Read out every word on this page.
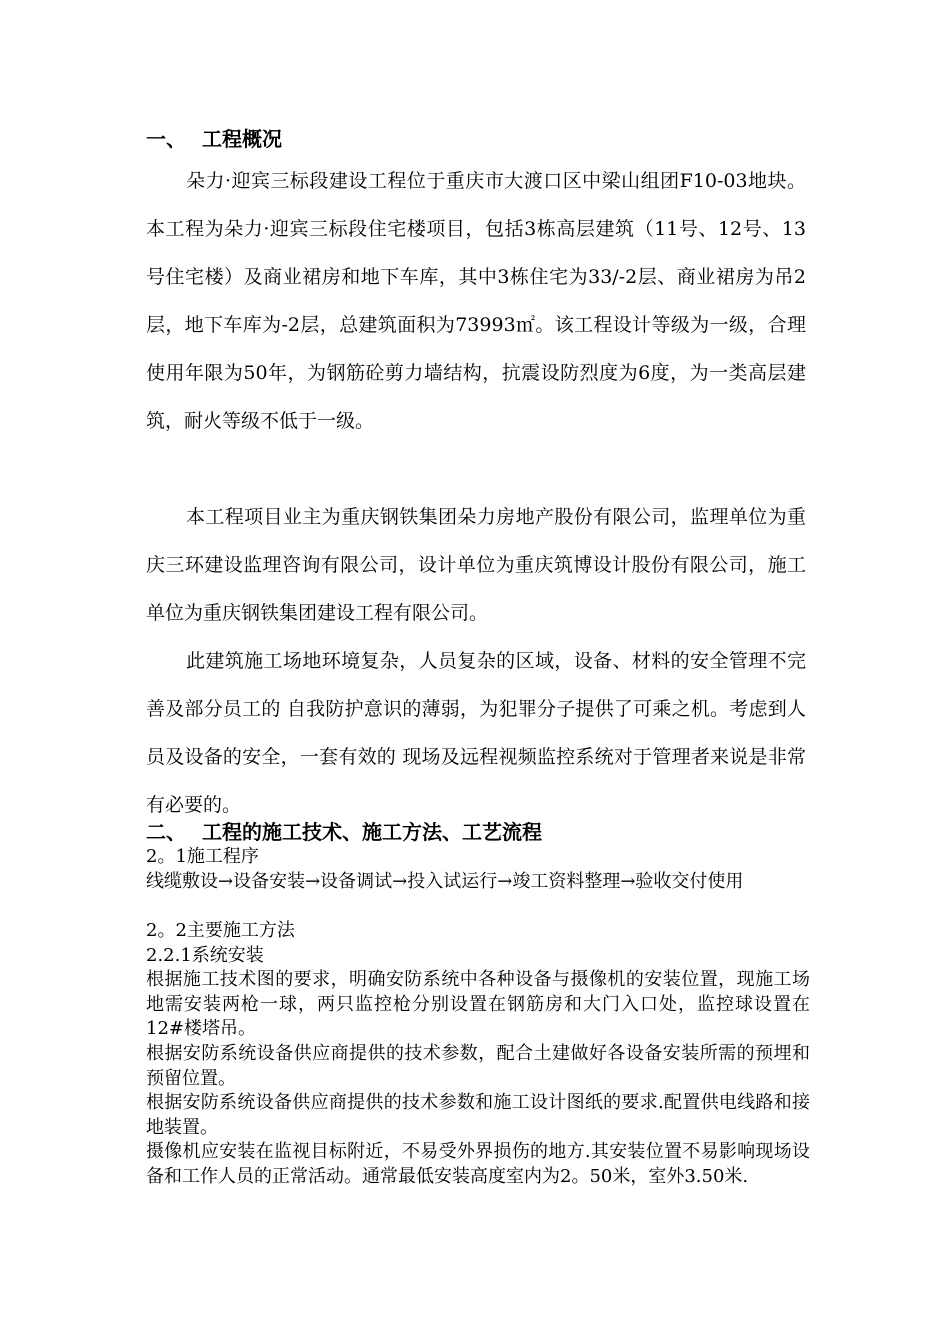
一、 工程概况

朵力·迎宾三标段建设工程位于重庆市大渡口区中梁山组团F10-03地块。本工程为朵力·迎宾三标段住宅楼项目，包括3栋高层建筑（11号、12号、13号住宅楼）及商业裙房和地下车库，其中3栋住宅为33/-2层、商业裙房为吊2层，地下车库为-2层，总建筑面积为73993㎡。该工程设计等级为一级，合理使用年限为50年，为钢筋砼剪力墙结构，抗震设防烈度为6度，为一类高层建筑，耐火等级不低于一级。

本工程项目业主为重庆钢铁集团朵力房地产股份有限公司，监理单位为重庆三环建设监理咨询有限公司，设计单位为重庆筑博设计股份有限公司，施工单位为重庆钢铁集团建设工程有限公司。

此建筑施工场地环境复杂，人员复杂的区域，设备、材料的安全管理不完善及部分员工的 自我防护意识的薄弱，为犯罪分子提供了可乘之机。考虑到人员及设备的安全，一套有效的 现场及远程视频监控系统对于管理者来说是非常有必要的。

二、 工程的施工技术、施工方法、工艺流程

2。1施工程序

线缆敷设→设备安装→设备调试→投入试运行→竣工资料整理→验收交付使用

2。2主要施工方法

2.2.1系统安装

根据施工技术图的要求，明确安防系统中各种设备与摄像机的安装位置，现施工场地需安装两枪一球，两只监控枪分别设置在钢筋房和大门入口处，监控球设置在12#楼塔吊。

根据安防系统设备供应商提供的技术参数，配合土建做好各设备安装所需的预埋和预留位置。

根据安防系统设备供应商提供的技术参数和施工设计图纸的要求.配置供电线路和接地装置。

摄像机应安装在监视目标附近，不易受外界损伤的地方.其安装位置不易影响现场设备和工作人员的正常活动。通常最低安装高度室内为2。50米，室外3.50米.
